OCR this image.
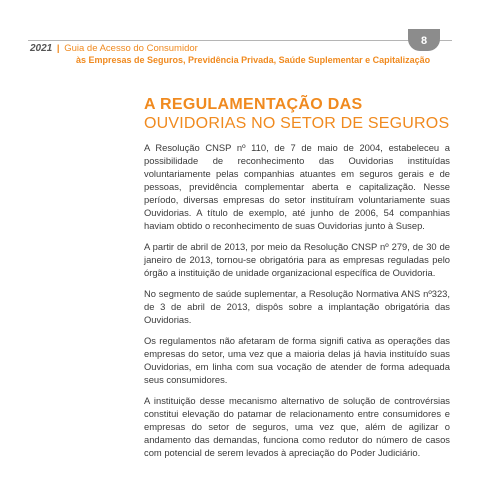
8
2021 | Guia de Acesso do Consumidor
às Empresas de Seguros, Previdência Privada, Saúde Suplementar e Capitalização
A REGULAMENTAÇÃO DAS
OUVIDORIAS NO SETOR DE SEGUROS

A Resolução CNSP nº 110, de 7 de maio de 2004, estabeleceu a possibilidade de reconhecimento das Ouvidorias instituídas voluntariamente pelas companhias atuantes em seguros gerais e de pessoas, previdência complementar aberta e capitalização. Nesse período, diversas empresas do setor instituíram voluntariamente suas Ouvidorias. A título de exemplo, até junho de 2006, 54 companhias haviam obtido o reconhecimento de suas Ouvidorias junto à Susep.

A partir de abril de 2013, por meio da Resolução CNSP nº 279, de 30 de janeiro de 2013, tornou-se obrigatória para as empresas reguladas pelo órgão a instituição de unidade organizacional específica de Ouvidoria.

No segmento de saúde suplementar, a Resolução Normativa ANS nº323, de 3 de abril de 2013, dispôs sobre a implantação obrigatória das Ouvidorias.

Os regulamentos não afetaram de forma signifi cativa as operações das empresas do setor, uma vez que a maioria delas já havia instituído suas Ouvidorias, em linha com sua vocação de atender de forma adequada seus consumidores.

A instituição desse mecanismo alternativo de solução de controvérsias constitui elevação do patamar de relacionamento entre consumidores e empresas do setor de seguros, uma vez que, além de agilizar o andamento das demandas, funciona como redutor do número de casos com potencial de serem levados à apreciação do Poder Judiciário.
